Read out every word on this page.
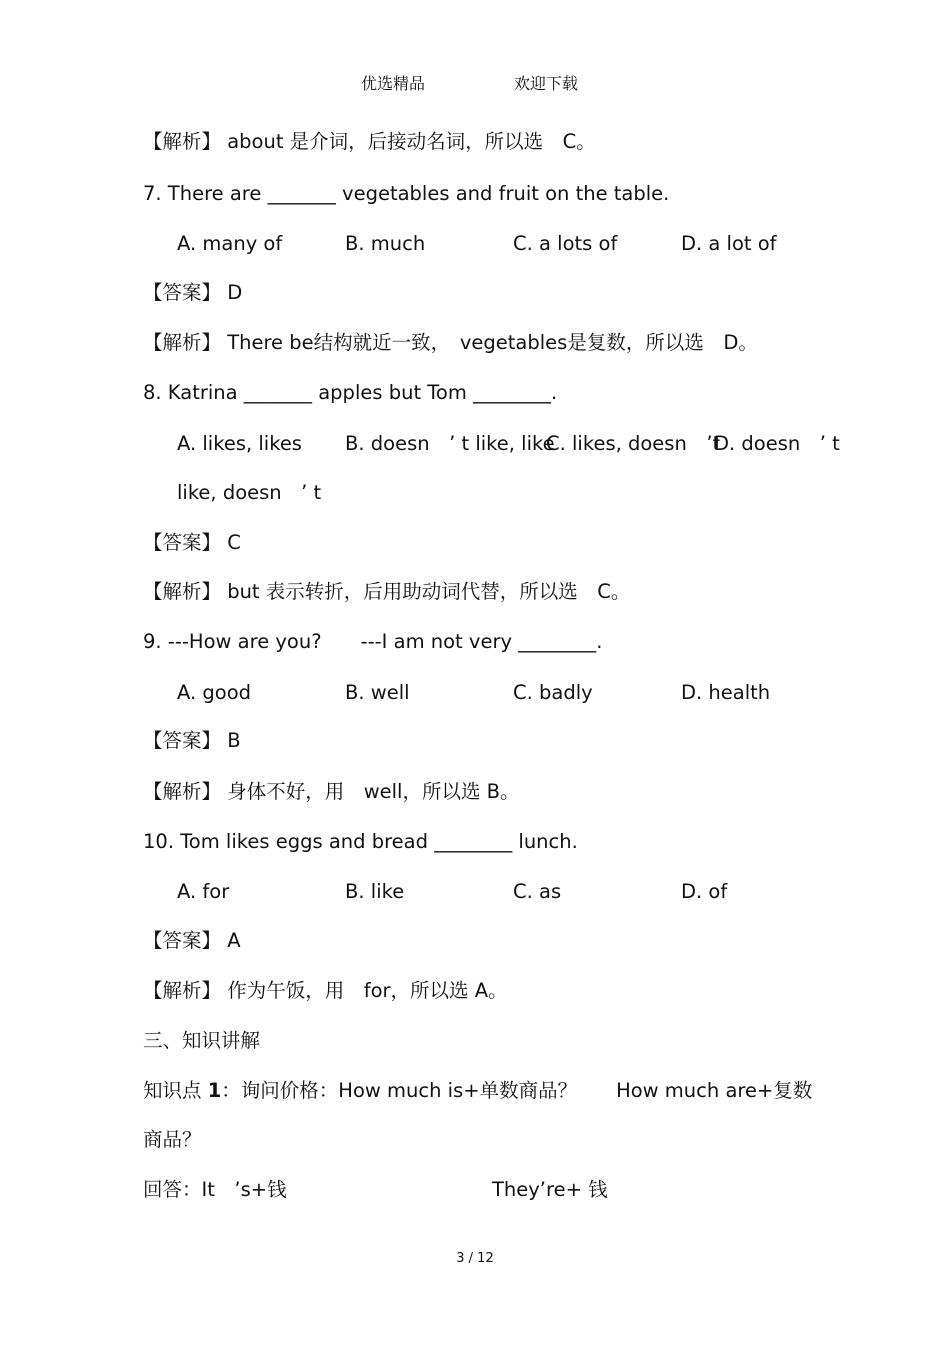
优选精品	欢迎下载
【解析】 about 是介词，后接动名词，所以选　C。
7. There are _______ vegetables and fruit on the table.
A. many of	B. much	C. a lots of	D. a lot of
【答案】 D
【解析】 There be结构就近一致，　vegetables是复数，所以选　D。
8. Katrina _______ apples but Tom ________.
A. likes, likes B. doesn　’ t like, like
C. likes, doesn　’t
D. doesn　’ t
like, doesn　’ t
【答案】 C
【解析】 but 表示转折，后用助动词代替，所以选　C。
9. ---How are you?　　---I am not very ________.
A. good	B. well	C. badly	D. health
【答案】 B
【解析】 身体不好，用　well，所以选 B。
10. Tom likes eggs and bread ________ lunch.
A. for	B. like	C. as	D. of
【答案】 A
【解析】 作为午饭，用　for，所以选 A。
三、知识讲解
知识点 1：询问价格：How much is+单数商品？　　How much are+复数
商品？
回答：It　’s+钱	They’re+ 钱
3 / 12
